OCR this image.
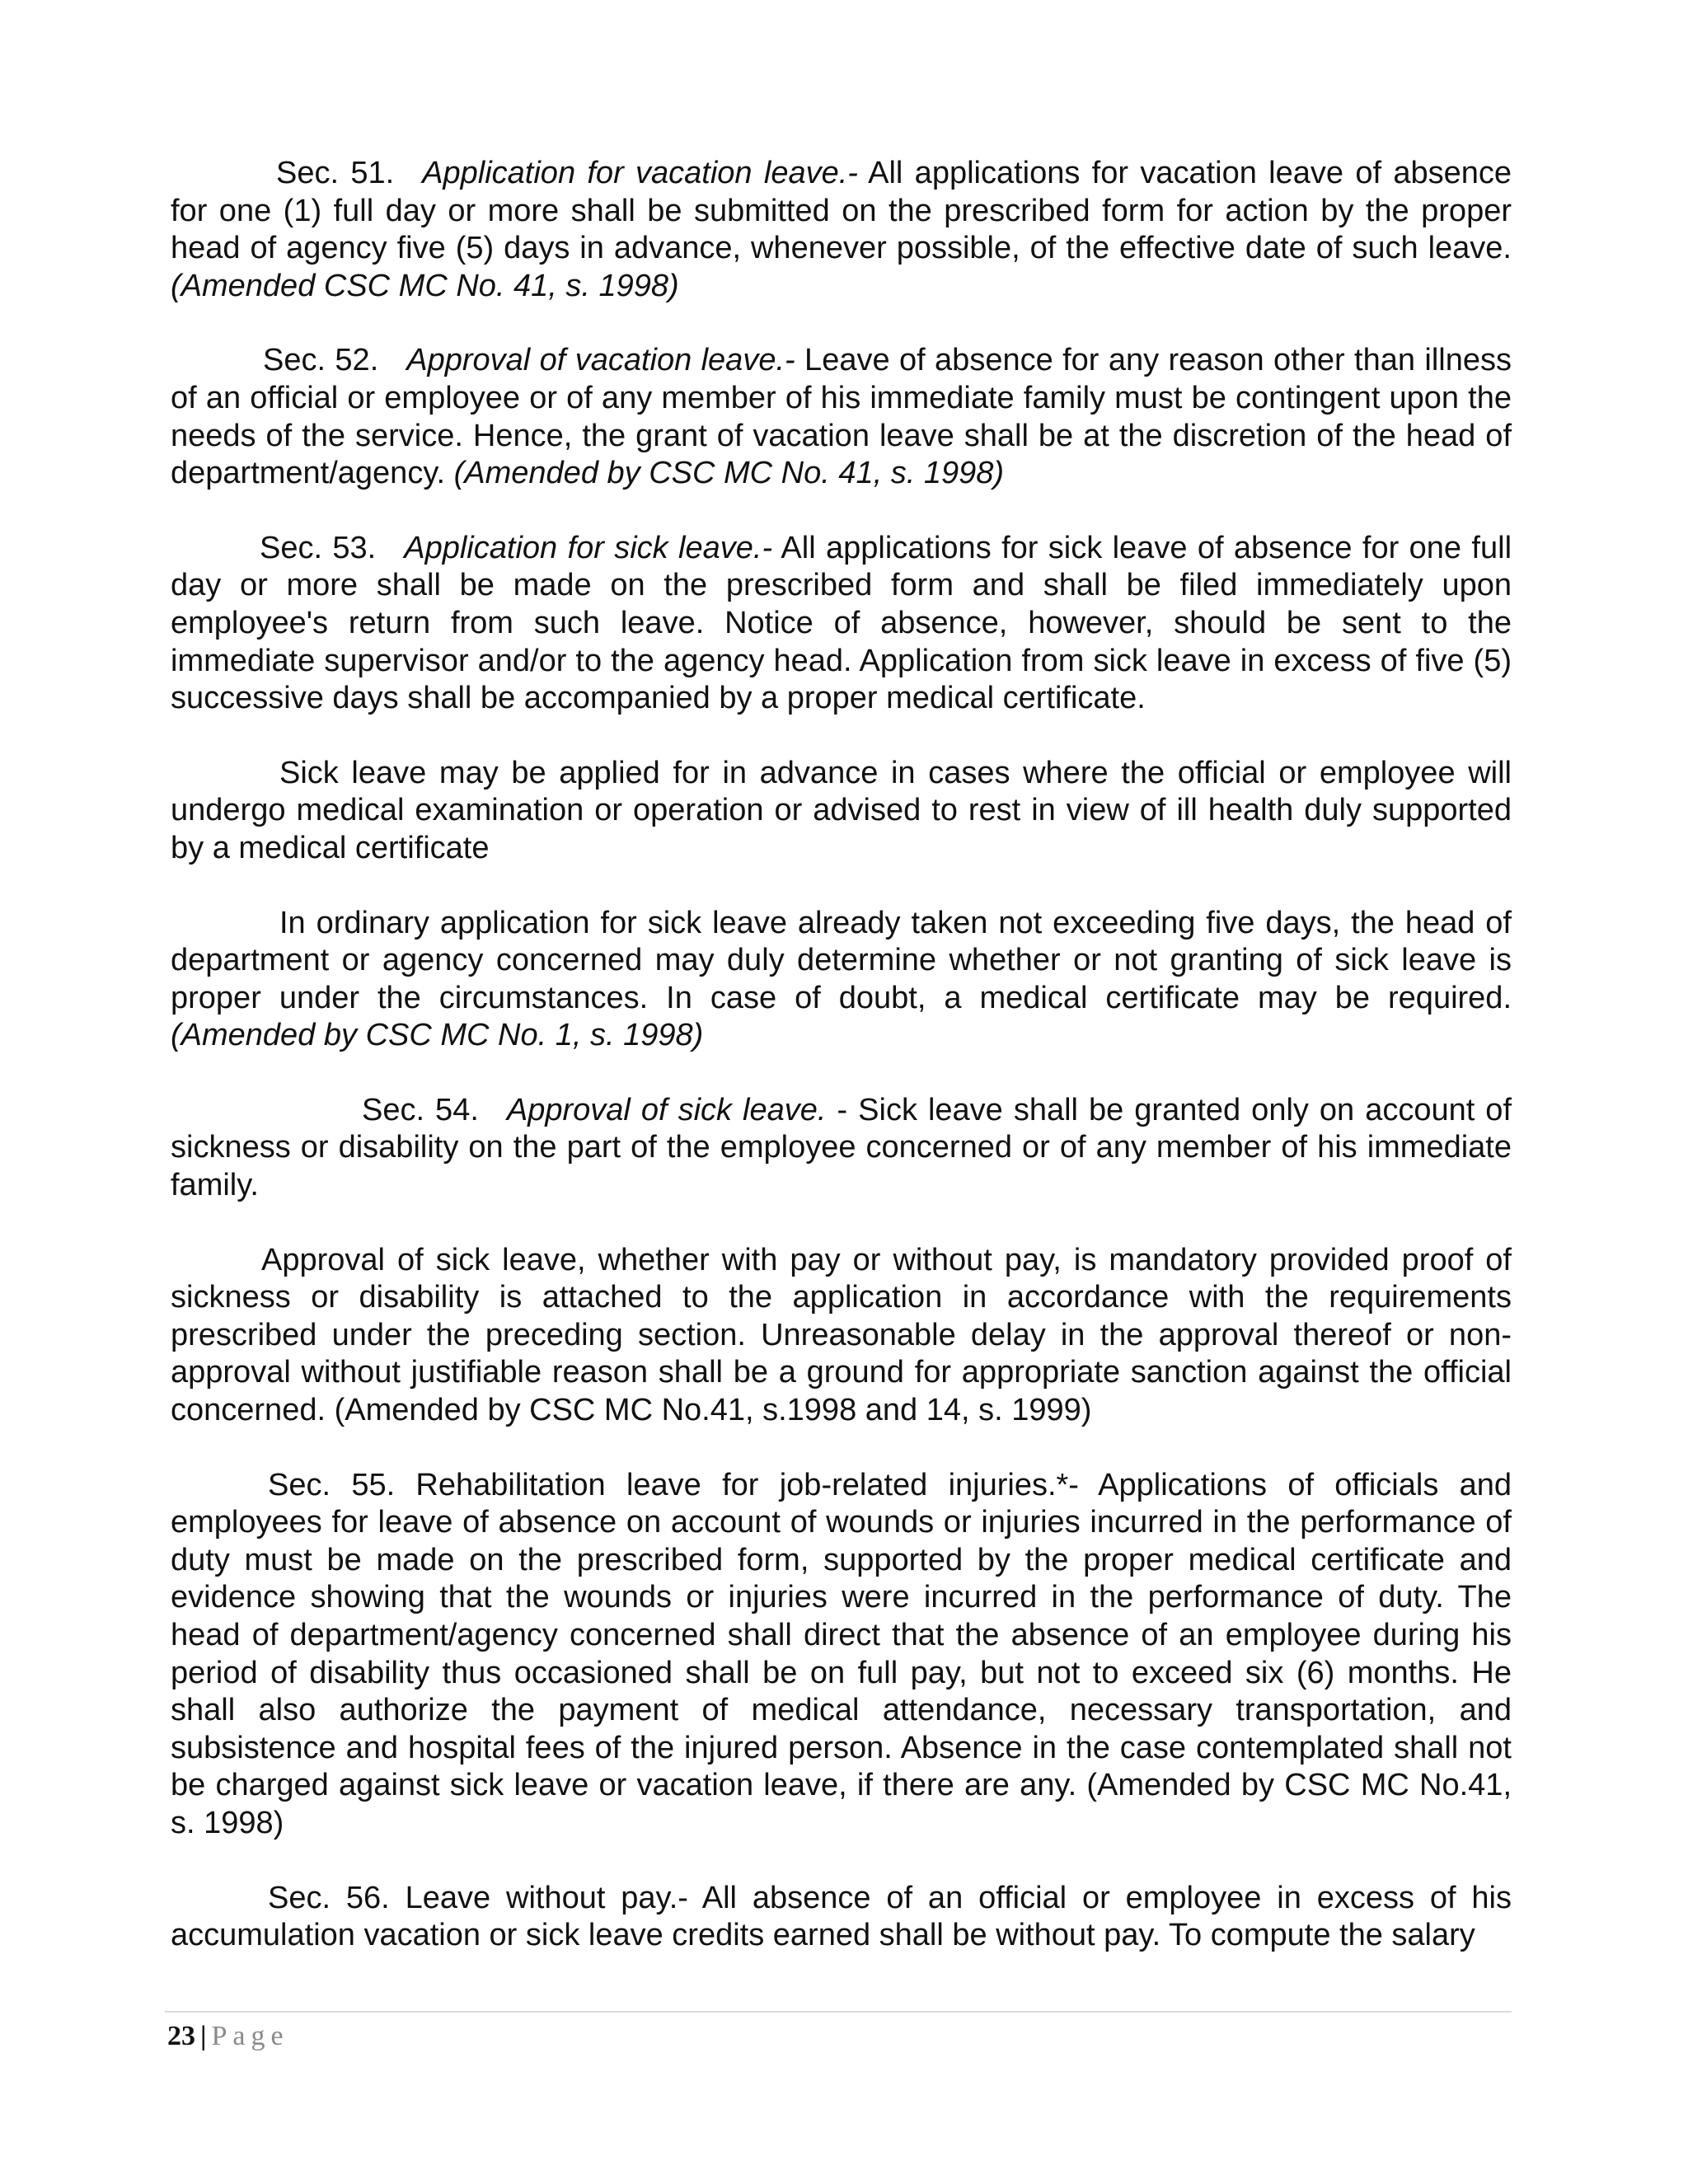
Sec. 51. Application for vacation leave.- All applications for vacation leave of absence for one (1) full day or more shall be submitted on the prescribed form for action by the proper head of agency five (5) days in advance, whenever possible, of the effective date of such leave. (Amended CSC MC No. 41, s. 1998)

Sec. 52. Approval of vacation leave.- Leave of absence for any reason other than illness of an official or employee or of any member of his immediate family must be contingent upon the needs of the service. Hence, the grant of vacation leave shall be at the discretion of the head of department/agency. (Amended by CSC MC No. 41, s. 1998)

Sec. 53. Application for sick leave.- All applications for sick leave of absence for one full day or more shall be made on the prescribed form and shall be filed immediately upon employee's return from such leave. Notice of absence, however, should be sent to the immediate supervisor and/or to the agency head. Application from sick leave in excess of five (5) successive days shall be accompanied by a proper medical certificate.

Sick leave may be applied for in advance in cases where the official or employee will undergo medical examination or operation or advised to rest in view of ill health duly supported by a medical certificate

In ordinary application for sick leave already taken not exceeding five days, the head of department or agency concerned may duly determine whether or not granting of sick leave is proper under the circumstances. In case of doubt, a medical certificate may be required. (Amended by CSC MC No. 1, s. 1998)

Sec. 54. Approval of sick leave. - Sick leave shall be granted only on account of sickness or disability on the part of the employee concerned or of any member of his immediate family.

Approval of sick leave, whether with pay or without pay, is mandatory provided proof of sickness or disability is attached to the application in accordance with the requirements prescribed under the preceding section. Unreasonable delay in the approval thereof or non-approval without justifiable reason shall be a ground for appropriate sanction against the official concerned. (Amended by CSC MC No.41, s.1998 and 14, s. 1999)

Sec. 55. Rehabilitation leave for job-related injuries.*- Applications of officials and employees for leave of absence on account of wounds or injuries incurred in the performance of duty must be made on the prescribed form, supported by the proper medical certificate and evidence showing that the wounds or injuries were incurred in the performance of duty. The head of department/agency concerned shall direct that the absence of an employee during his period of disability thus occasioned shall be on full pay, but not to exceed six (6) months. He shall also authorize the payment of medical attendance, necessary transportation, and subsistence and hospital fees of the injured person. Absence in the case contemplated shall not be charged against sick leave or vacation leave, if there are any. (Amended by CSC MC No.41, s. 1998)

Sec. 56. Leave without pay.- All absence of an official or employee in excess of his accumulation vacation or sick leave credits earned shall be without pay. To compute the salary

23 | Page
